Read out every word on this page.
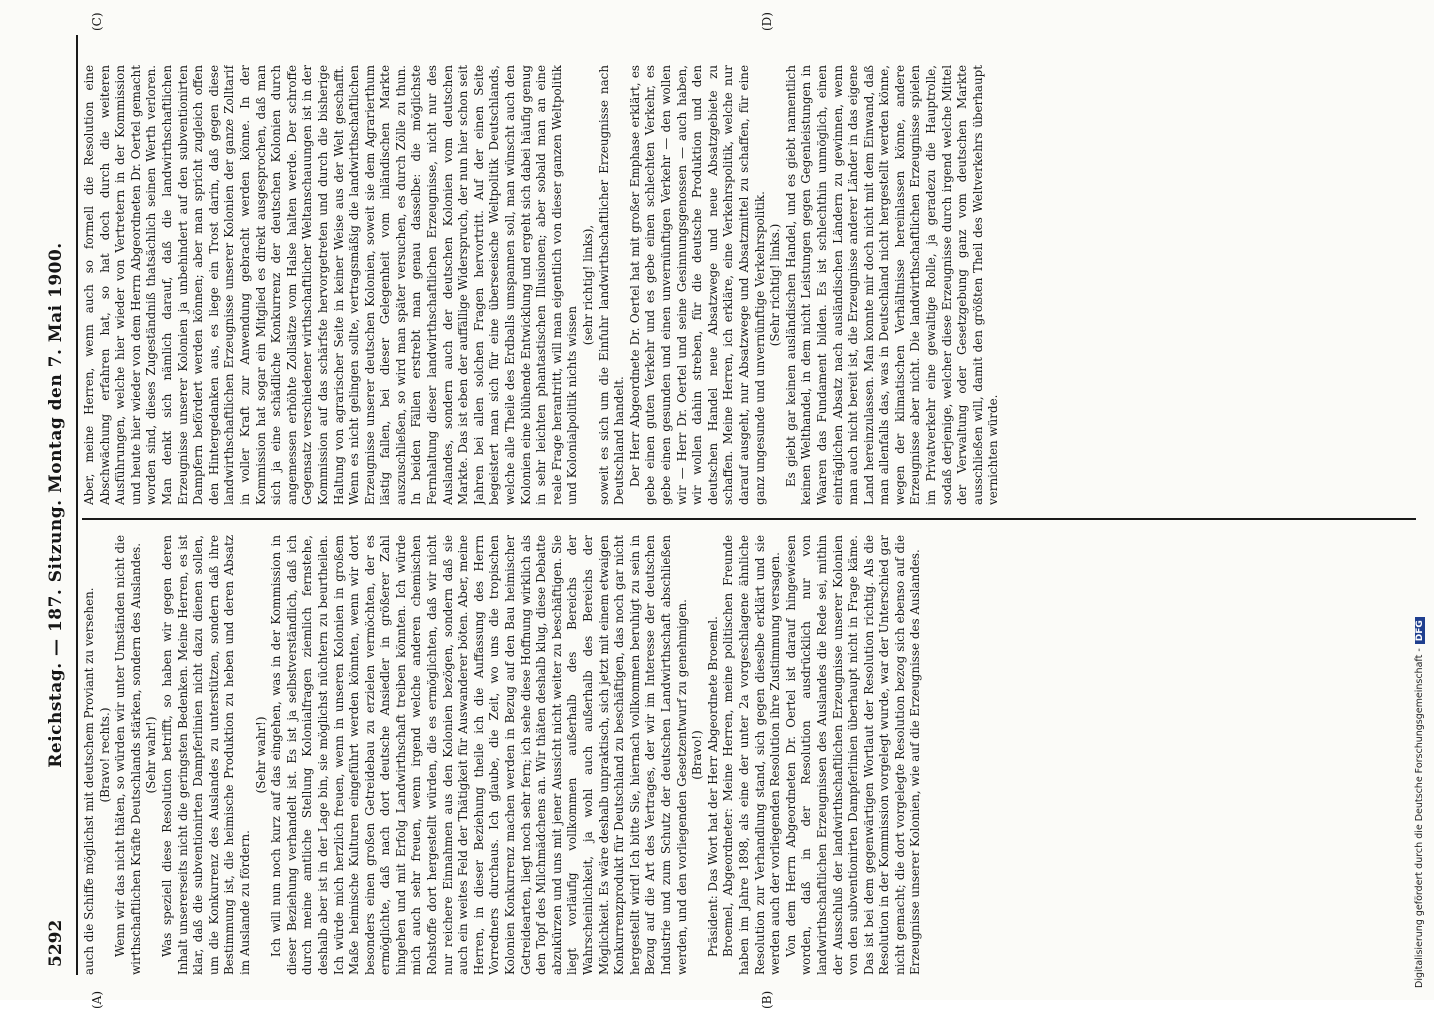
5292
Reichstag. — 187. Sitzung. Montag den 7. Mai 1900.

auch die Schiffe möglichst mit deutschem Proviant zu versehen. (Bravo! rechts.) Wenn wir das nicht thäten, so würden wir unter Umständen nicht die wirthschaftlichen Kräfte Deutschlands stärken, sondern des Auslandes. (Sehr wahr!) Was speziell diese Resolution betrifft, so haben wir gegen deren Inhalt unsererseits nicht die geringsten Bedenken. Meine Herren, es ist klar, daß die subventionirten Dampferlinien nicht dazu dienen sollen, um die Konkurrenz des Auslandes zu unterstützen, sondern daß ihre Bestimmung ist, die heimische Produktion zu heben und deren Absatz im Auslande zu fördern.

(Sehr wahr!) Ich will nun noch kurz auf das eingehen, was in der Kommission in dieser Beziehung verhandelt ist. Es ist ja selbstverständlich, daß ich durch meine amtliche Stellung Kolonialfragen ziemlich fernstehe, deshalb aber ist in der Lage bin, sie möglichst nüchtern zu beurtheilen. Ich würde mich herzlich freuen, wenn in unseren Kolonien in großem Maße heimische Kulturen eingeführt werden könnten, wenn wir dort besonders einen großen Getreidebau zu erzielen vermöchten, der es ermöglichte, daß nach dort deutsche Ansiedler in größerer Zahl hingehen und mit Erfolg Landwirthschaft treiben könnten. Ich würde mich auch sehr freuen, wenn irgend welche anderen chemischen Rohstoffe dort hergestellt würden, die es ermöglichten, daß wir nicht nur reichere Einnahmen aus den Kolonien bezögen, sondern daß sie auch ein weites Feld der Thätigkeit für Auswanderer böten. Aber, meine Herren, in dieser Beziehung theile ich die Auffassung des Herrn Vorredners durchaus. Ich glaube, die Zeit, wo uns die tropischen Kolonien Konkurrenz machen werden in Bezug auf den Bau heimischer Getreidearten, liegt noch sehr fern; ich sehe diese Hoffnung wirklich als den Topf des Milchmädchens an. Wir thäten deshalb klug, diese Debatte abzukürzen und uns mit jener Aussicht nicht weiter zu beschäftigen. Sie liegt vorläufig vollkommen außerhalb des Bereichs der Wahrscheinlichkeit, ja wohl auch außerhalb des Bereichs der Möglichkeit. Es wäre deshalb unpraktisch, sich jetzt mit einem etwaigen Konkurrenzprodukt für Deutschland zu beschäftigen, das noch gar nicht hergestellt wird! Ich bitte Sie, hiernach vollkommen beruhigt zu sein in Bezug auf die Art des Vertrages, der wir im Interesse der deutschen Industrie und zum Schutz der deutschen Landwirthschaft abschließen werden, und den vorliegenden Gesetzentwurf zu genehmigen. (Bravo!) Präsident: Das Wort hat der Herr Abgeordnete Broemel. Broemel, Abgeordneter: Meine Herren, meine politischen Freunde haben im Jahre 1898, als eine der unter 2a vorgeschlagene ähnliche Resolution zur Verhandlung stand, sich gegen dieselbe erklärt und sie werden auch der vorliegenden Resolution ihre Zustimmung versagen. Von dem Herrn Abgeordneten Dr. Oertel ist darauf hingewiesen worden, daß in der Resolution ausdrücklich nur von landwirthschaftlichen Erzeugnissen des Auslandes die Rede sei, mithin der Ausschluß der landwirthschaftlichen Erzeugnisse unserer Kolonien von den subventionirten Dampferlinien überhaupt nicht in Frage käme. Das ist bei dem gegenwärtigen Wortlaut der Resolution richtig. Als die Resolution in der Kommission vorgelegt wurde, war der Unterschied gar nicht gemacht; die dort vorgelegte Resolution bezog sich ebenso auf die Erzeugnisse unserer Kolonien, wie auf die Erzeugnisse des Auslandes.

Aber, meine Herren, wenn auch so formell die Resolution eine Abschwächung erfahren hat, so hat doch durch die weiteren Ausführungen, welche hier wieder von Vertretern in der Kommission und heute hier wieder von dem Herrn Abgeordneten Dr. Oertel gemacht worden sind, dieses Zugeständniß thatsächlich seinen Werth verloren. Man denkt sich nämlich darauf, daß die landwirthschaftlichen Erzeugnisse unserer Kolonien ja unbehindert auf den subventionirten Dampfern befördert werden können; aber man spricht zugleich offen den Hintergedanken aus, es liege ein Trost darin, daß gegen diese landwirthschaftlichen Erzeugnisse unserer Kolonien der ganze Zolltarif in voller Kraft zur Anwendung gebracht werden könne. In der Kommission hat sogar ein Mitglied es direkt ausgesprochen, daß man sich ja eine schädliche Konkurrenz der deutschen Kolonien durch angemessen erhöhte Zollsätze vom Halse halten werde. Der schroffe Gegensatz verschiedener wirthschaftlicher Weltanschauungen ist in der Kommission auf das schärfste hervorgetreten und durch die bisherige Haltung von agrarischer Seite in keiner Weise aus der Welt geschafft. Wenn es nicht gelingen sollte, vertragsmäßig die landwirthschaftlichen Erzeugnisse unserer deutschen Kolonien, soweit sie dem Agrarierthum lästig fallen, bei dieser Gelegenheit vom inländischen Markte auszuschließen, so wird man später versuchen, es durch Zölle zu thun. In beiden Fällen erstrebt man genau dasselbe: die möglichste Fernhaltung dieser landwirthschaftlichen Erzeugnisse, nicht nur des Auslandes, sondern auch der deutschen Kolonien vom deutschen Markte. Das ist eben der auffällige Widerspruch, der nun hier schon seit Jahren bei allen solchen Fragen hervortritt. Auf der einen Seite begeistert man sich für eine überseeische Weltpolitik Deutschlands, welche alle Theile des Erdballs umspannen soll, man wünscht auch den Kolonien eine blühende Entwicklung und ergeht sich dabei häufig genug in sehr leichten phantastischen Illusionen; aber sobald man an eine reale Frage herantritt, will man eigentlich von dieser ganzen Weltpolitik und Kolonialpolitik nichts wissen

(sehr richtig! links), soweit es sich um die Einfuhr landwirthschaftlicher Erzeugnisse nach Deutschland handelt. Der Herr Abgeordnete Dr. Oertel hat mit großer Emphase erklärt, es gebe einen guten Verkehr und es gebe einen schlechten Verkehr, es gebe einen gesunden und einen unvernünftigen Verkehr — den wollen wir — Herr Dr. Oertel und seine Gesinnungsgenossen — auch haben, wir wollen dahin streben, für die deutsche Produktion und den deutschen Handel neue Absatzwege und neue Absatzgebiete zu schaffen. Meine Herren, ich erkläre, eine Verkehrspolitik, welche nur darauf ausgeht, nur Absatzwege und Absatzmittel zu schaffen, für eine ganz ungesunde und unvernünftige Verkehrspolitik. (Sehr richtig! links.) Es giebt gar keinen ausländischen Handel, und es giebt namentlich keinen Welthandel, in dem nicht Leistungen gegen Gegenleistungen in Waaren das Fundament bilden. Es ist schlechthin unmöglich, einen einträglichen Absatz nach ausländischen Ländern zu gewinnen, wenn man auch nicht bereit ist, die Erzeugnisse anderer Länder in das eigene Land hereinzulassen. Man konnte mir doch nicht mit dem Einwand, daß man allenfalls das, was in Deutschland nicht hergestellt werden könne, wegen der klimatischen Verhältnisse hereinlassen könne, andere Erzeugnisse aber nicht. Die landwirthschaftlichen Erzeugnisse spielen im Privatverkehr eine gewaltige Rolle, ja geradezu die Hauptrolle, sodaß derjenige, welcher diese Erzeugnisse durch irgend welche Mittel der Verwaltung oder Gesetzgebung ganz vom deutschen Markte ausschließen will, damit den größten Theil des Weltverkehrs überhaupt vernichten würde.

(A)	(B)
(C)	(D)
Digitalisierung gefördert durch die Deutsche Forschungsgemeinschaft -DFG
